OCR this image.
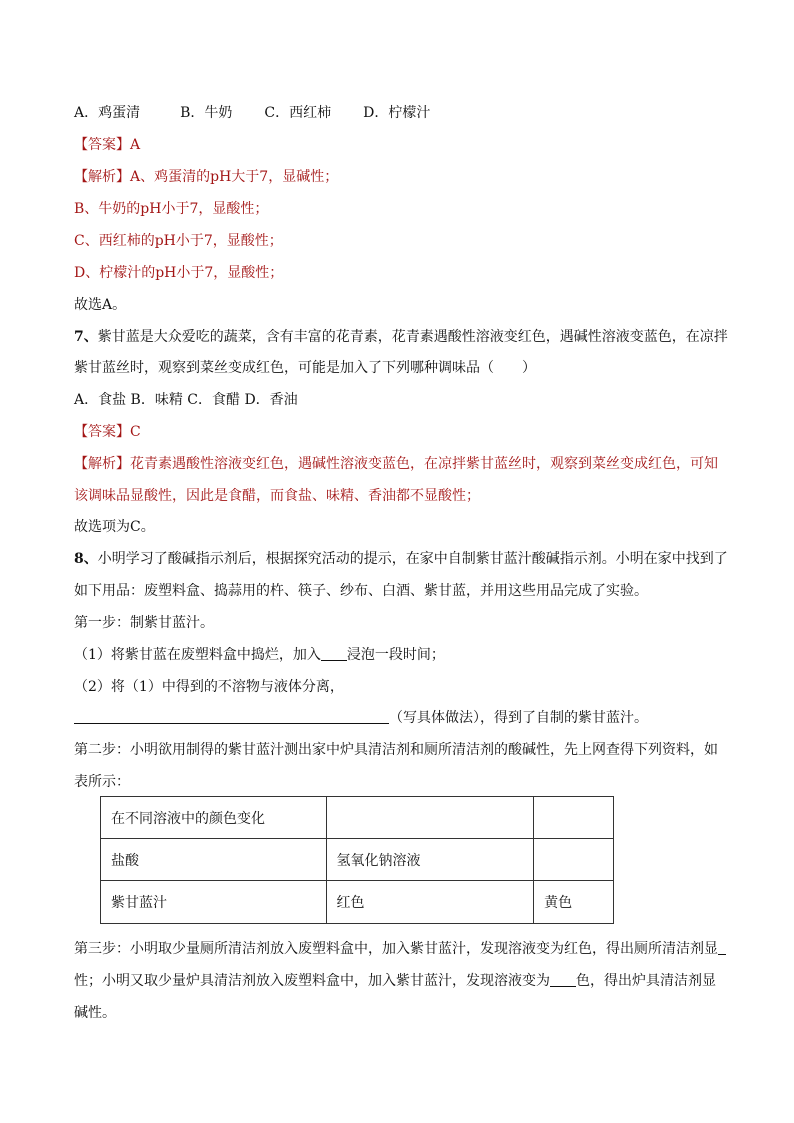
A．鸡蛋清	B．牛奶 C．西红柿 D．柠檬汁
【答案】A
【解析】A、鸡蛋清的pH大于7，显碱性；
B、牛奶的pH小于7，显酸性；
C、西红柿的pH小于7，显酸性；
D、柠檬汁的pH小于7，显酸性；
故选A。
7、紫甘蓝是大众爱吃的蔬菜，含有丰富的花青素，花青素遇酸性溶液变红色，遇碱性溶液变蓝色，在凉拌
紫甘蓝丝时，观察到菜丝变成红色，可能是加入了下列哪种调味品（　　）
A．食盐 B．味精 C．食醋 D．香油
【答案】C
【解析】花青素遇酸性溶液变红色，遇碱性溶液变蓝色，在凉拌紫甘蓝丝时，观察到菜丝变成红色，可知
该调味品显酸性，因此是食醋，而食盐、味精、香油都不显酸性；
故选项为C。
8、小明学习了酸碱指示剂后，根据探究活动的提示，在家中自制紫甘蓝汁酸碱指示剂。小明在家中找到了
如下用品：废塑料盒、捣蒜用的杵、筷子、纱布、白酒、紫甘蓝，并用这些用品完成了实验。
第一步：制紫甘蓝汁。
（1）将紫甘蓝在废塑料盒中捣烂，加入 浸泡一段时间；
（2）将（1）中得到的不溶物与液体分离，
（写具体做法），得到了自制的紫甘蓝汁。
第二步：小明欲用制得的紫甘蓝汁测出家中炉具清洁剂和厕所清洁剂的酸碱性，先上网查得下列资料，如
表所示：
在不同溶液中的颜色变化		
盐酸	氢氧化钠溶液	
紫甘蓝汁	红色	黄色
第三步：小明取少量厕所清洁剂放入废塑料盒中，加入紫甘蓝汁，发现溶液变为红色，得出厕所清洁剂显
性；小明又取少量炉具清洁剂放入废塑料盒中，加入紫甘蓝汁，发现溶液变为 色，得出炉具清洁剂显
碱性。
